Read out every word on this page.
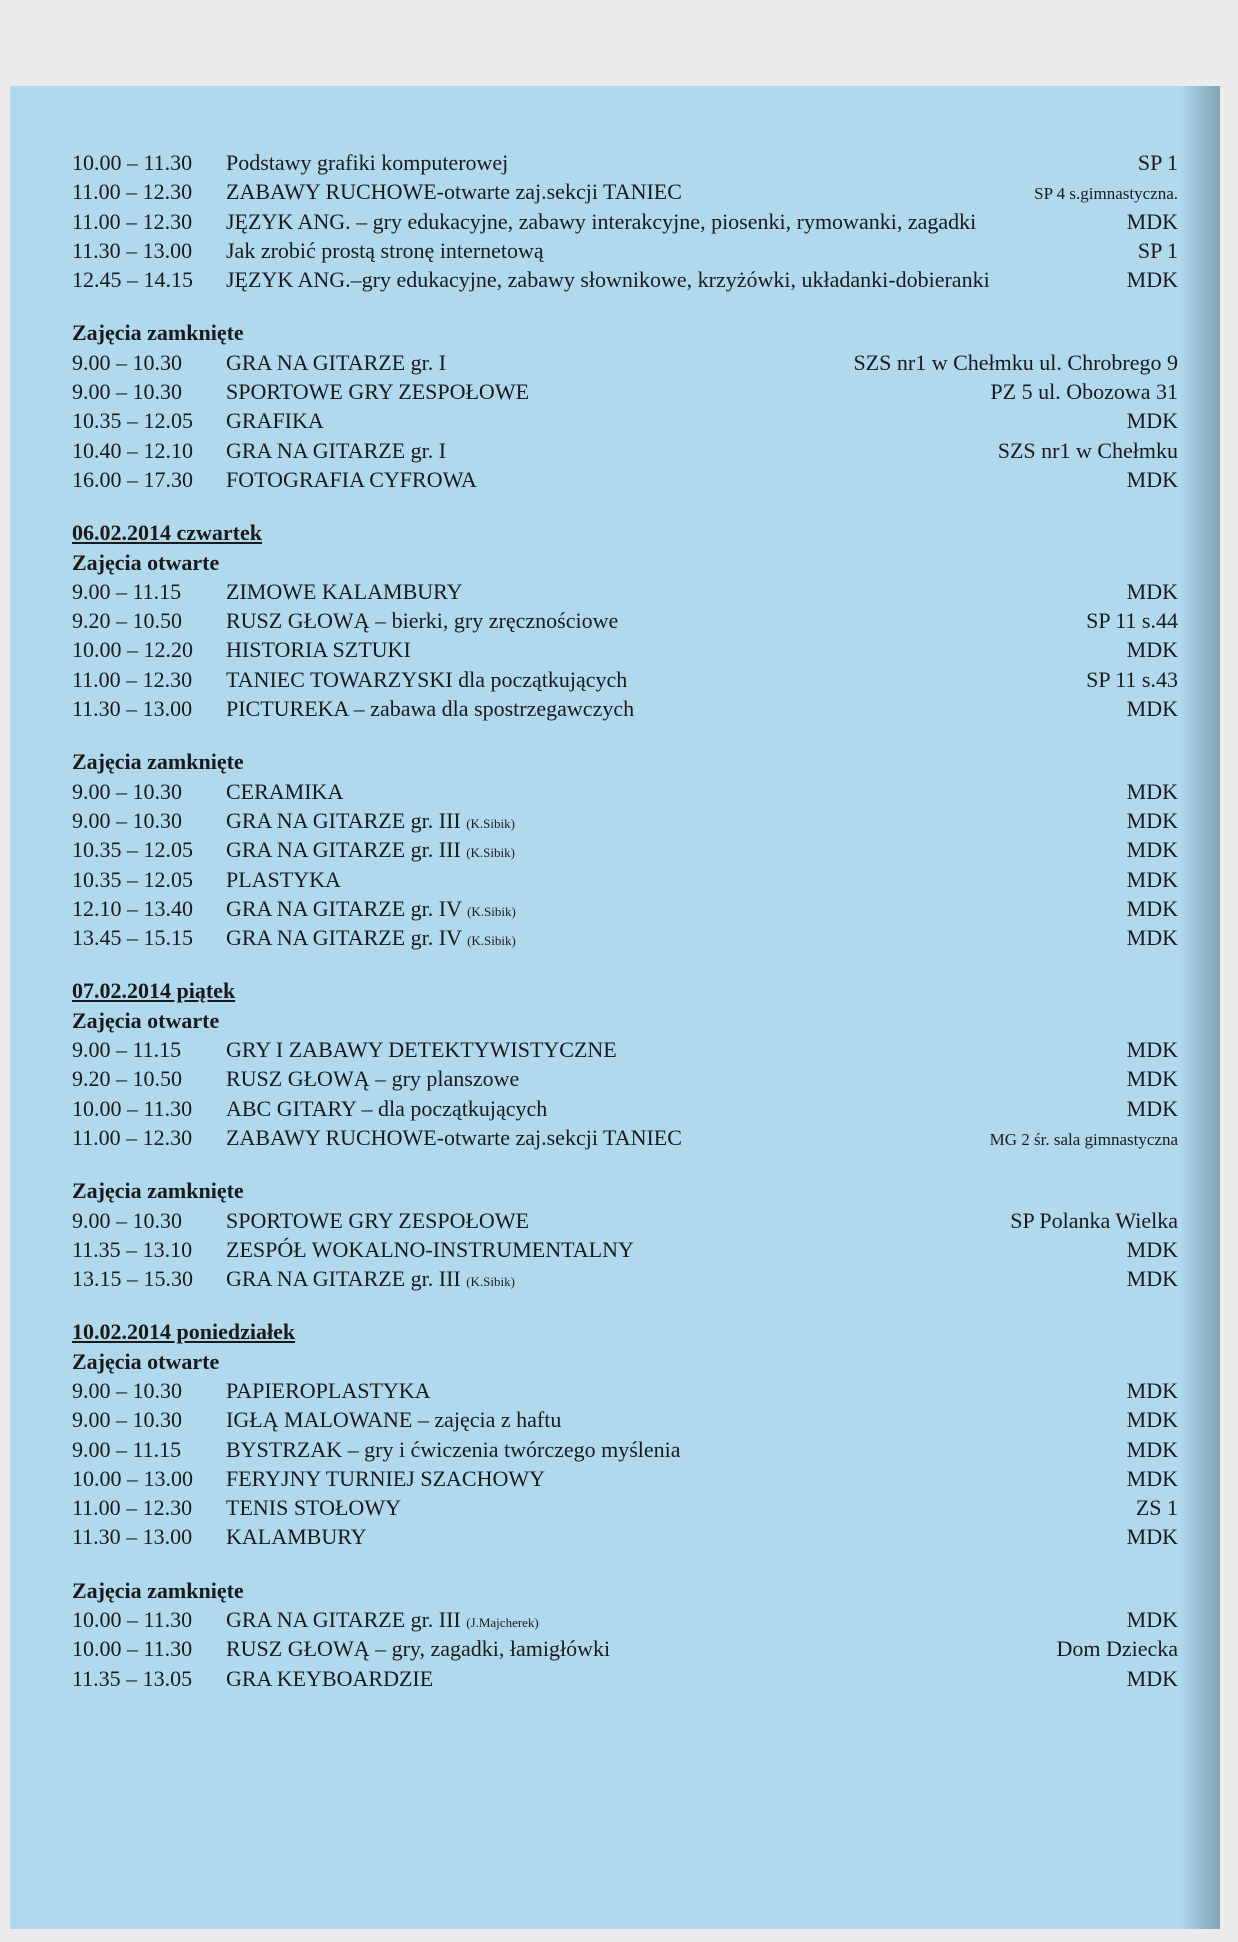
10.00 – 11.30	Podstawy grafiki komputerowej	SP 1
11.00 – 12.30	ZABAWY RUCHOWE-otwarte zaj.sekcji TANIEC	SP 4 s.gimnastyczna.
11.00 – 12.30	JĘZYK ANG. – gry edukacyjne, zabawy interakcyjne, piosenki, rymowanki, zagadki	MDK
11.30 – 13.00	Jak zrobić prostą stronę internetową	SP 1
12.45 – 14.15	JĘZYK ANG.–gry edukacyjne, zabawy słownikowe, krzyżówki, układanki-dobieranki	MDK
Zajęcia zamknięte
9.00 – 10.30	GRA NA GITARZE gr. I	SZS nr1 w Chełmku ul. Chrobrego 9
9.00 – 10.30	SPORTOWE GRY ZESPOŁOWE	PZ 5 ul. Obozowa 31
10.35 – 12.05	GRAFIKA	MDK
10.40 – 12.10	GRA NA GITARZE gr. I	SZS nr1 w Chełmku
16.00 – 17.30	FOTOGRAFIA CYFROWA	MDK
06.02.2014 czwartek
Zajęcia otwarte
9.00 – 11.15	ZIMOWE KALAMBURY	MDK
9.20 – 10.50	RUSZ GŁOWĄ – bierki, gry zręcznościowe	SP 11 s.44
10.00 – 12.20	HISTORIA SZTUKI	MDK
11.00 – 12.30	TANIEC TOWARZYSKI dla początkujących	SP 11 s.43
11.30 – 13.00	PICTUREKA – zabawa dla spostrzegawczych	MDK
Zajęcia zamknięte
9.00 – 10.30	CERAMIKA	MDK
9.00 – 10.30	GRA NA GITARZE gr. III (K.Sibik)	MDK
10.35 – 12.05	GRA NA GITARZE gr. III (K.Sibik)	MDK
10.35 – 12.05	PLASTYKA	MDK
12.10 – 13.40	GRA NA GITARZE gr. IV (K.Sibik)	MDK
13.45 – 15.15	GRA NA GITARZE gr. IV (K.Sibik)	MDK
07.02.2014 piątek
Zajęcia otwarte
9.00 – 11.15	GRY I ZABAWY DETEKTYWISTYCZNE	MDK
9.20 – 10.50	RUSZ GŁOWĄ – gry planszowe	MDK
10.00 – 11.30	ABC GITARY – dla początkujących	MDK
11.00 – 12.30	ZABAWY RUCHOWE-otwarte zaj.sekcji TANIEC	MG 2 śr. sala gimnastyczna
Zajęcia zamknięte
9.00 – 10.30	SPORTOWE GRY ZESPOŁOWE	SP Polanka Wielka
11.35 – 13.10	ZESPÓŁ WOKALNO-INSTRUMENTALNY	MDK
13.15 – 15.30	GRA NA GITARZE gr. III (K.Sibik)	MDK
10.02.2014 poniedziałek
Zajęcia otwarte
9.00 – 10.30	PAPIEROPLASTYKA	MDK
9.00 – 10.30	IGŁĄ MALOWANE – zajęcia z haftu	MDK
9.00 – 11.15	BYSTRZAK – gry i ćwiczenia twórczego myślenia	MDK
10.00 – 13.00	FERYJNY TURNIEJ SZACHOWY	MDK
11.00 – 12.30	TENIS STOŁOWY	ZS 1
11.30 – 13.00	KALAMBURY	MDK
Zajęcia zamknięte
10.00 – 11.30	GRA NA GITARZE gr. III (J.Majcherek)	MDK
10.00 – 11.30	RUSZ GŁOWĄ – gry, zagadki, łamigłówki	Dom Dziecka
11.35 – 13.05	GRA KEYBOARDZIE	MDK
